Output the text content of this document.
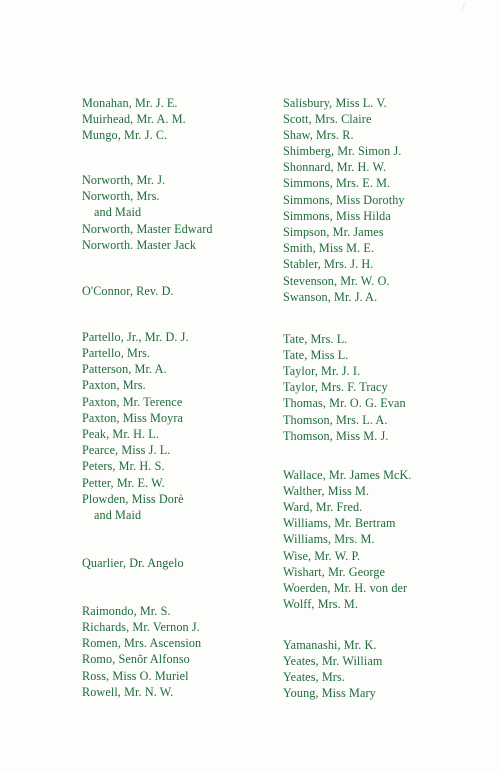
/
Monahan, Mr. J. E.
Muirhead, Mr. A. M.
Mungo, Mr. J. C.
Norworth, Mr. J.
Norworth, Mrs.
and Maid
Norworth, Master Edward
Norworth. Master Jack
O'Connor, Rev. D.
Partello, Jr., Mr. D. J.
Partello, Mrs.
Patterson, Mr. A.
Paxton, Mrs.
Paxton, Mr. Terence
Paxton, Miss Moyra
Peak, Mr. H. L.
Pearce, Miss J. L.
Peters, Mr. H. S.
Petter, Mr. E. W.
Plowden, Miss Dorè
and Maid
Quarlier, Dr. Angelo
Raimondo, Mr. S.
Richards, Mr. Vernon J.
Romen, Mrs. Ascension
Romo, Senõr Alfonso
Ross, Miss O. Muriel
Rowell, Mr. N. W.
Salisbury, Miss L. V.
Scott, Mrs. Claire
Shaw, Mrs. R.
Shimberg, Mr. Simon J.
Shonnard, Mr. H. W.
Simmons, Mrs. E. M.
Simmons, Miss Dorothy
Simmons, Miss Hilda
Simpson, Mr. James
Smith, Miss M. E.
Stabler, Mrs. J. H.
Stevenson, Mr. W. O.
Swanson, Mr. J. A.
Tate, Mrs. L.
Tate, Miss L.
Taylor, Mr. J. I.
Taylor, Mrs. F. Tracy
Thomas, Mr. O. G. Evan
Thomson, Mrs. L. A.
Thomson, Miss M. J.
Wallace, Mr. James McK.
Walther, Miss M.
Ward, Mr. Fred.
Williams, Mr. Bertram
Williams, Mrs. M.
Wise, Mr. W. P.
Wishart, Mr. George
Woerden, Mr. H. von der
Wolff, Mrs. M.
Yamanashi, Mr. K.
Yeates, Mr. William
Yeates, Mrs.
Young, Miss Mary
